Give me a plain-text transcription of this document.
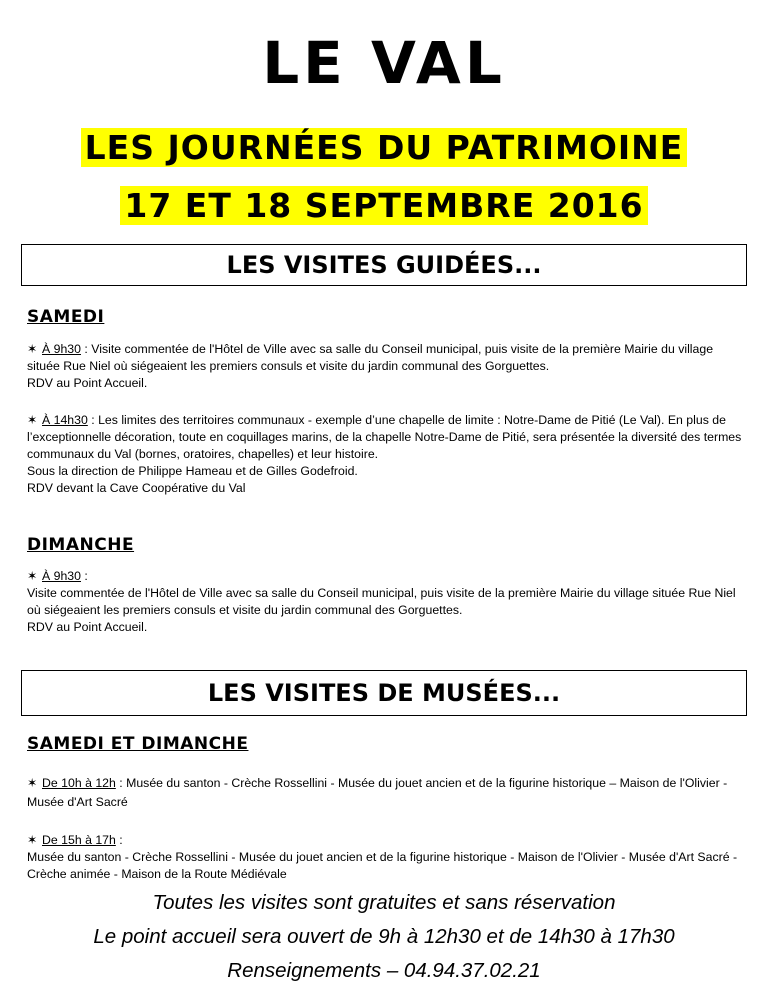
LE VAL
LES JOURNÉES DU PATRIMOINE
17 ET 18 SEPTEMBRE 2016
LES VISITES GUIDÉES...
SAMEDI

✶ À 9h30 : Visite commentée de l'Hôtel de Ville avec sa salle du Conseil municipal, puis visite de la première Mairie du village située Rue Niel où siégeaient les premiers consuls et visite du jardin communal des Gorguettes.

RDV au Point Accueil.

✶ À 14h30 : Les limites des territoires communaux - exemple d’une chapelle de limite : Notre-Dame de Pitié (Le Val). En plus de l’exceptionnelle décoration, toute en coquillages marins, de la chapelle Notre-Dame de Pitié, sera présentée la diversité des termes communaux du Val (bornes, oratoires, chapelles) et leur histoire.

Sous la direction de Philippe Hameau et de Gilles Godefroid.

RDV devant la Cave Coopérative du Val

DIMANCHE

✶ À 9h30 :

Visite commentée de l'Hôtel de Ville avec sa salle du Conseil municipal, puis visite de la première Mairie du village située Rue Niel où siégeaient les premiers consuls et visite du jardin communal des Gorguettes.

RDV au Point Accueil.

LES VISITES DE MUSÉES...
SAMEDI ET DIMANCHE

✶ De 10h à 12h : Musée du santon - Crèche Rossellini - Musée du jouet ancien et de la figurine historique – Maison de l'Olivier - Musée d'Art Sacré

✶ De 15h à 17h :

Musée du santon - Crèche Rossellini - Musée du jouet ancien et de la figurine historique - Maison de l'Olivier - Musée d'Art Sacré - Crèche animée - Maison de la Route Médiévale

Toutes les visites sont gratuites et sans réservation
Le point accueil sera ouvert de 9h à 12h30 et de 14h30 à 17h30
Renseignements – 04.94.37.02.21
